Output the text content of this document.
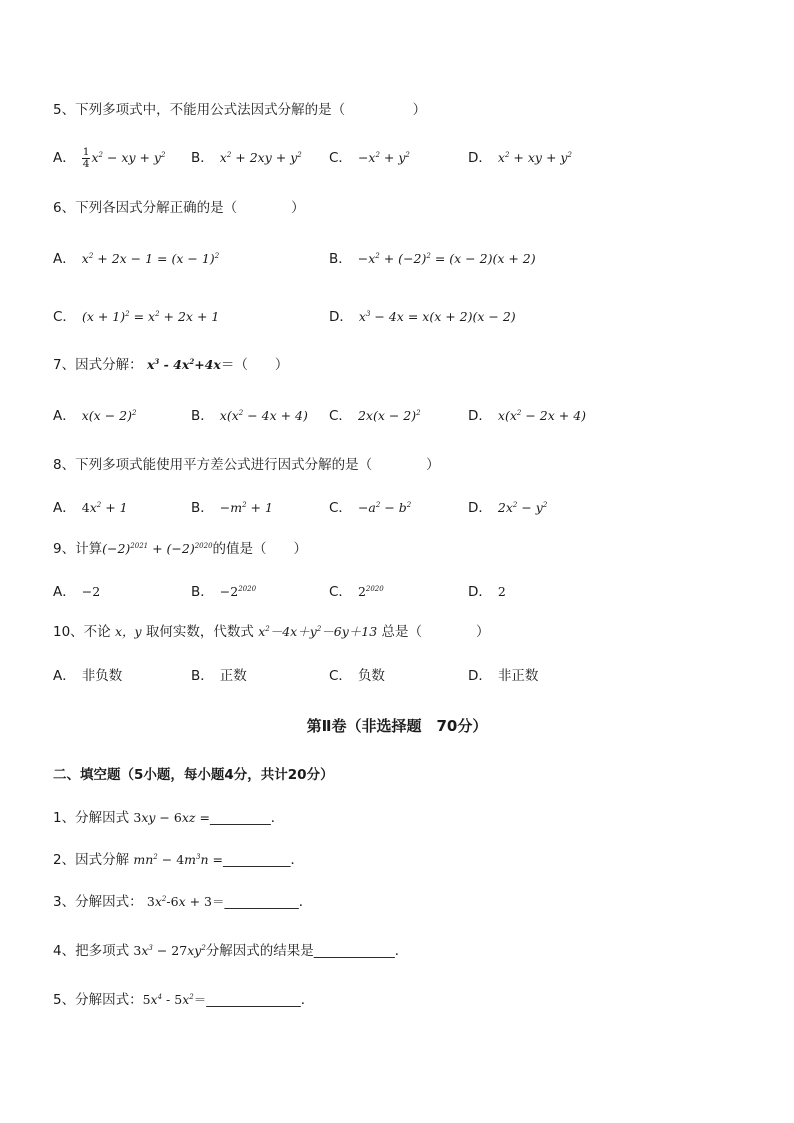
5、下列多项式中，不能用公式法因式分解的是（　　　　　）
A． $\frac{1}{4} x^2$ − xy + $y^2$ B． $x^2 + 2xy + y^2$ C． $-x^2 + y^2$	D． $x^2$ + xy + $y^2$
6、下列各因式分解正确的是（　　　　）
A． $x^2 + 2x - 1 = (x - 1)^2$	B． $-x^2 + (-2)^2 = (x - 2)(x + 2)$
C． $(x + 1)^2 = x^2 + 2x + 1$	D． $x^3 - 4x = x(x + 2)(x - 2)$
7、因式分解： $x^3 - 4x^2+4x=$（　　）
A． $x(x - 2)^2$	B． $x(x^2 - 4x + 4)$ C． $2x(x - 2)^2$	D． $x(x^2 - 2x + 4)$
8、下列多项式能使用平方差公式进行因式分解的是（　　　　）
A． $4x^2 + 1$	B． $-m^2 + 1$	C． $-a^2 - b^2$	D． $2x^2 - y^2$
9、计算$(-2)^{2021} + (-2)^{2020}$的值是（　　）
A． −2	B． $-2^{2020}$	C． $2^{2020}$	D． 2
10、不论 x，y 取何实数，代数式 $x^2-4x+y^2-6y+13$ 总是（　　　　）
A． 非负数	B． 正数	C． 负数	D． 非正数
第Ⅱ卷（非选择题　70分）
二、填空题（5小题，每小题4分，共计20分）
1、分解因式 3xy − 6xz =_________．
2、因式分解 $mn^2 - 4m^3n$ =__________．
3、分解因式： $3x^2-6x$ + 3＝___________．
4、把多项式 $3x^3 - 27xy^2$分解因式的结果是____________．
5、分解因式：$5x^4$ - $5x^2=\_\_\_\_\_\_\_\_\_\_\_\_\_\_$．
